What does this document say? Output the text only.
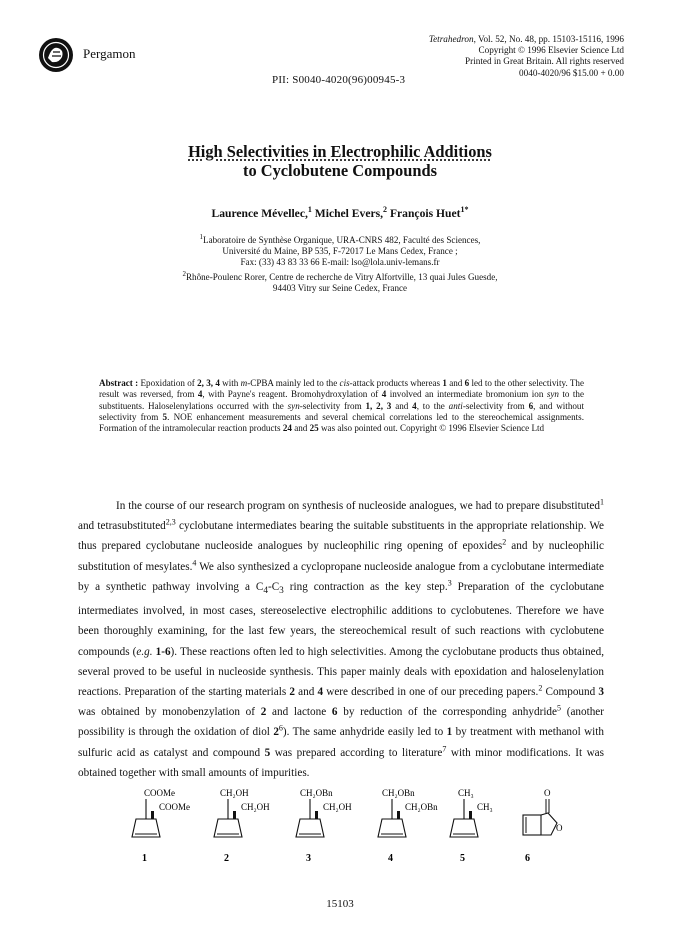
Pergamon
Tetrahedron, Vol. 52, No. 48, pp. 15103-15116, 1996
Copyright © 1996 Elsevier Science Ltd
Printed in Great Britain. All rights reserved
0040-4020/96 $15.00 + 0.00
PII: S0040-4020(96)00945-3
High Selectivities in Electrophilic Additions
to Cyclobutene Compounds
Laurence Mévellec,$^1$ Michel Evers,$^2$ François Huet$^{1*}$
$^1$Laboratoire de Synthèse Organique, URA-CNRS 482, Faculté des Sciences,
Université du Maine, BP 535, F-72017 Le Mans Cedex, France ;
Fax: (33) 43 83 33 66 E-mail: lso@lola.univ-lemans.fr
$^2$Rhône-Poulenc Rorer, Centre de recherche de Vitry Alfortville, 13 quai Jules Guesde,
94403 Vitry sur Seine Cedex, France
Abstract : Epoxidation of 2, 3, 4 with m-CPBA mainly led to the cis-attack products whereas 1 and 6 led to the other selectivity. The result was reversed, from 4, with Payne's reagent. Bromohydroxylation of 4 involved an intermediate bromonium ion syn to the substituents. Haloselenylations occurred with the syn-selectivity from 1, 2, 3 and 4, to the anti-selectivity from 6, and without selectivity from 5. NOE enhancement measurements and several chemical correlations led to the stereochemical assignments. Formation of the intramolecular reaction products 24 and 25 was also pointed out. Copyright © 1996 Elsevier Science Ltd

In the course of our research program on synthesis of nucleoside analogues, we had to prepare disubstituted$^1$ and tetrasubstituted$^{2,3}$ cyclobutane intermediates bearing the suitable substituents in the appropriate relationship. We thus prepared cyclobutane nucleoside analogues by nucleophilic ring opening of epoxides$^2$ and by nucleophilic substitution of mesylates.$^4$ We also synthesized a cyclopropane nucleoside analogue from a cyclobutane intermediate by a synthetic pathway involving a $C_4-C_3$ ring contraction as the key step.$^3$ Preparation of the cyclobutane intermediates involved, in most cases, stereoselective electrophilic additions to cyclobutenes. Therefore we have been thoroughly examining, for the last few years, the stereochemical result of such reactions with cyclobutene compounds (e.g. 1-6). These reactions often led to high selectivities. Among the cyclobutane products thus obtained, several proved to be useful in nucleoside synthesis. This paper mainly deals with epoxidation and haloselenylation reactions. Preparation of the starting materials 2 and 4 were described in one of our preceding papers.$^2$ Compound 3 was obtained by monobenzylation of 2 and lactone 6 by reduction of the corresponding anhydride$^5$ (another possibility is through the oxidation of diol $2^6$). The same anhydride easily led to 1 by treatment with methanol with sulfuric acid as catalyst and compound 5 was prepared according to literature$^7$ with minor modifications. It was obtained together with small amounts of impurities.

COOMe
COOMe
1
CH₂OH
CH₂OH
2
CH₂OBn
CH₂OH
3
CH₂OBn
CH₂OBn
4
CH₃
CH₃
5
O
O
6
15103
